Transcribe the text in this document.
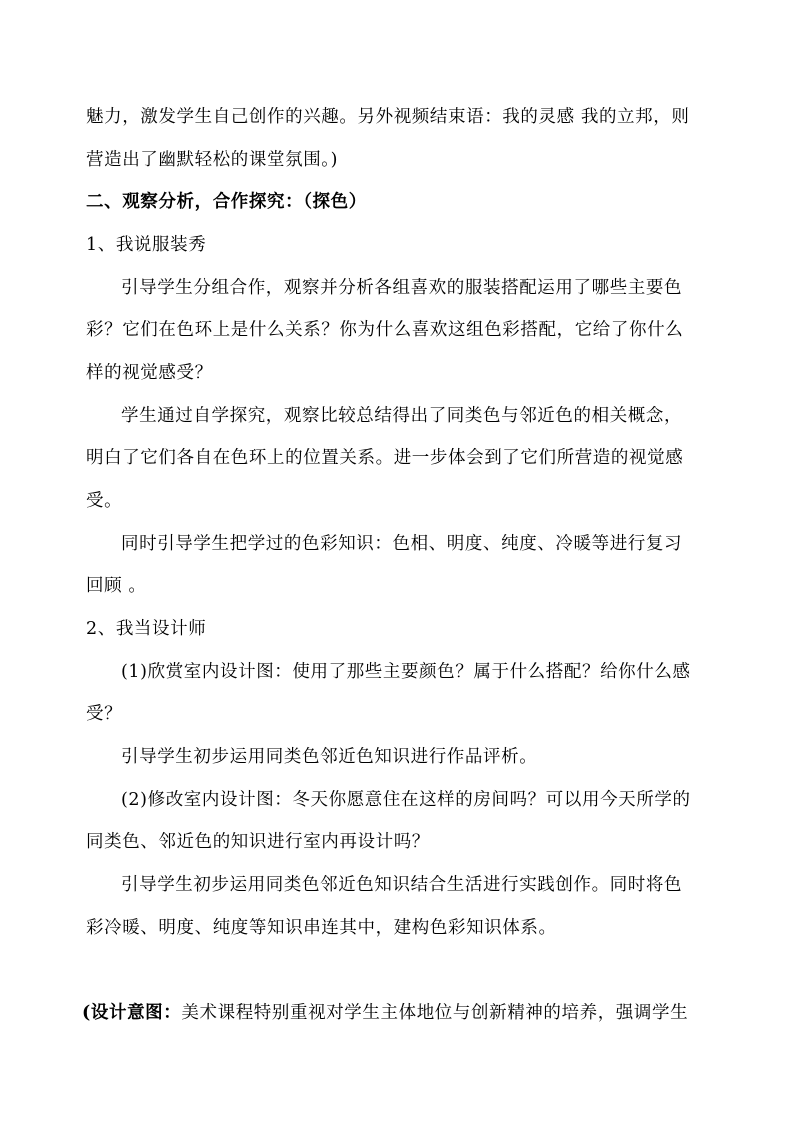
魅力，激发学生自己创作的兴趣。另外视频结束语：我的灵感 我的立邦，则
营造出了幽默轻松的课堂氛围。)
二、观察分析，合作探究：（探色）
1、我说服装秀
引导学生分组合作，观察并分析各组喜欢的服装搭配运用了哪些主要色
彩？它们在色环上是什么关系？你为什么喜欢这组色彩搭配，它给了你什么
样的视觉感受？
学生通过自学探究，观察比较总结得出了同类色与邻近色的相关概念，
明白了它们各自在色环上的位置关系。进一步体会到了它们所营造的视觉感
受。
同时引导学生把学过的色彩知识：色相、明度、纯度、冷暖等进行复习
回顾 。
2、我当设计师
(1)欣赏室内设计图：使用了那些主要颜色？属于什么搭配？给你什么感
受？
引导学生初步运用同类色邻近色知识进行作品评析。
(2)修改室内设计图：冬天你愿意住在这样的房间吗？可以用今天所学的
同类色、邻近色的知识进行室内再设计吗？
引导学生初步运用同类色邻近色知识结合生活进行实践创作。同时将色
彩冷暖、明度、纯度等知识串连其中，建构色彩知识体系。
(设计意图：美术课程特别重视对学生主体地位与创新精神的培养，强调学生
